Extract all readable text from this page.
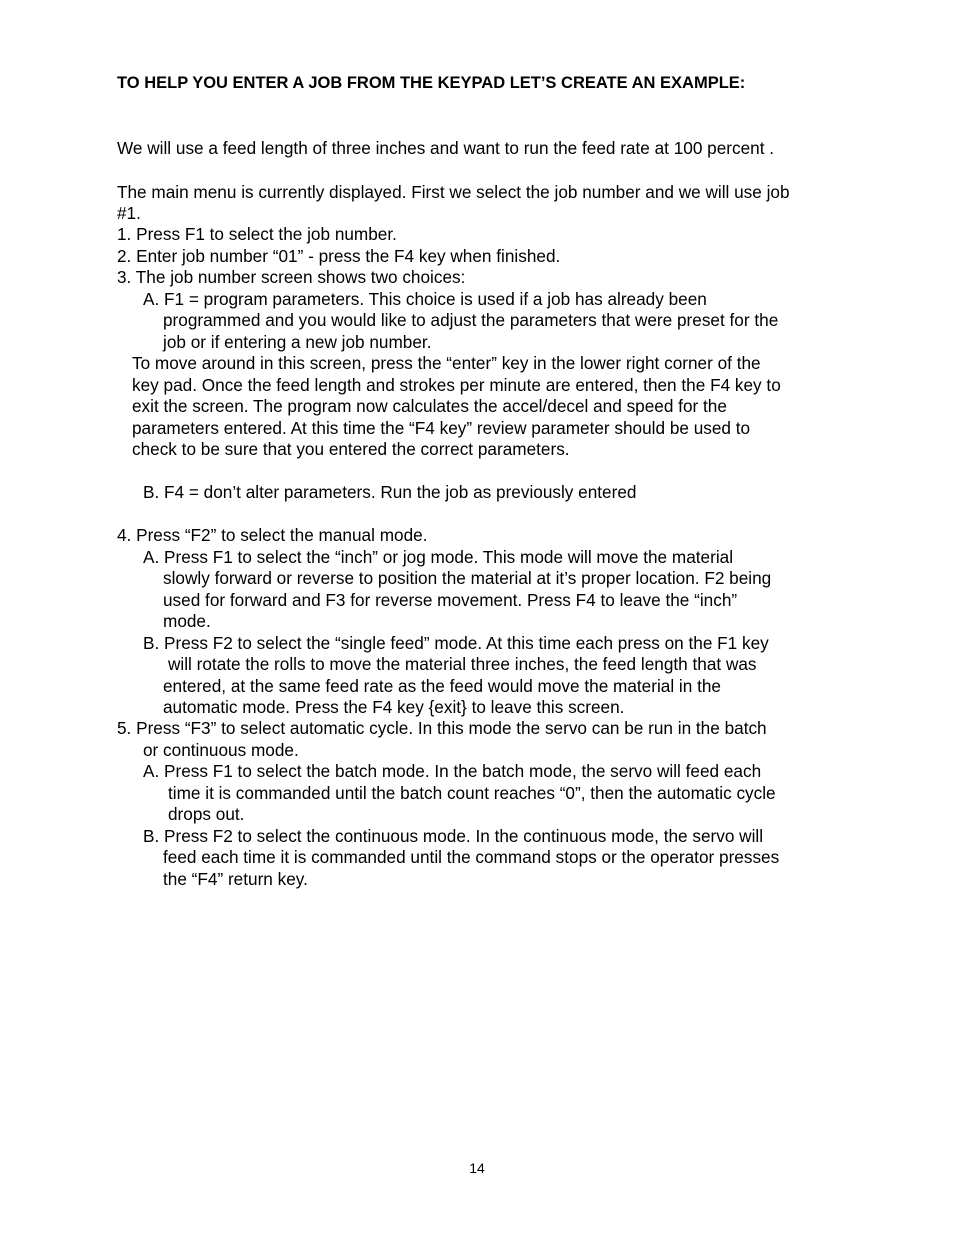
TO HELP YOU ENTER A JOB FROM THE KEYPAD LET’S CREATE AN EXAMPLE:
We will use a feed length of three inches and want to run the feed rate at 100 percent .
The main menu is currently displayed. First we select the job number and we will use job
#1.
1. Press F1 to select the job number.
2. Enter job number “01” - press the F4 key when finished.
3. The job number screen shows two choices:
A. F1 = program parameters. This choice is used if a job has already been
programmed and you would like to adjust the parameters that were preset for the
job or if entering a new job number.
To move around in this screen, press the “enter” key in the lower right corner of the
key pad. Once the feed length and strokes per minute are entered, then the F4 key to
exit the screen. The program now calculates the accel/decel and speed for the
parameters entered. At this time the “F4 key” review parameter should be used to
check to be sure that you entered the correct parameters.
B. F4 = don’t alter parameters. Run the job as previously entered
4. Press “F2” to select the manual mode.
A. Press F1 to select the “inch” or jog mode. This mode will move the material
slowly forward or reverse to position the material at it’s proper location. F2 being
used for forward and F3 for reverse movement. Press F4 to leave the “inch”
mode.
B. Press F2 to select the “single feed” mode. At this time each press on the F1 key
will rotate the rolls to move the material three inches, the feed length that was
entered, at the same feed rate as the feed would move the material in the
automatic mode. Press the F4 key {exit} to leave this screen.
5. Press “F3” to select automatic cycle. In this mode the servo can be run in the batch
or continuous mode.
A. Press F1 to select the batch mode. In the batch mode, the servo will feed each
time it is commanded until the batch count reaches “0”, then the automatic cycle
drops out.
B. Press F2 to select the continuous mode. In the continuous mode, the servo will
feed each time it is commanded until the command stops or the operator presses
the “F4” return key.
14
